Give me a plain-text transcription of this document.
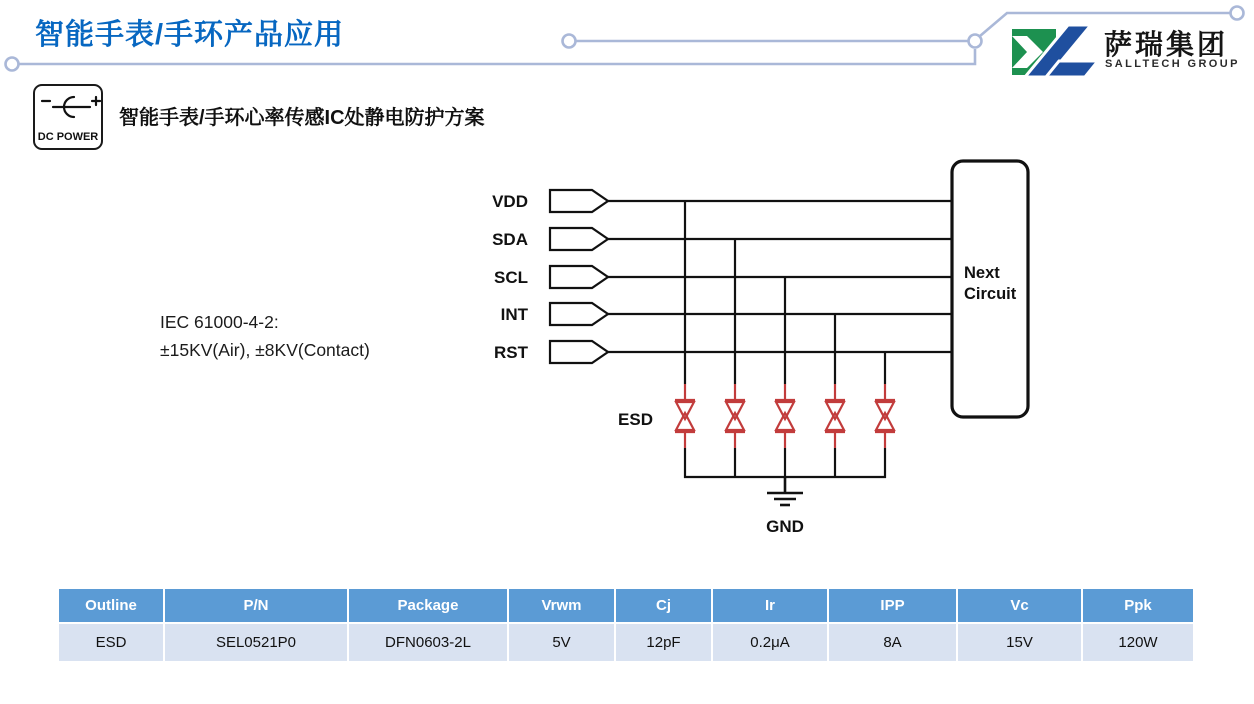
智能手表/手环产品应用	萨瑞集团
SALLTECH GROUP
DC POWER
智能手表/手环心率传感IC处静电防护方案
IEC 61000-4-2:
±15KV(Air), ±8KV(Contact)
VDD
SDA
SCL
INT
RST
ESD
GND
Next
Circuit
Outline	P/N	Package	Vrwm	Cj	Ir	IPP	Vc	Ppk
ESD	SEL0521P0	DFN0603-2L	5V	12pF	0.2μA	8A	15V	120W
